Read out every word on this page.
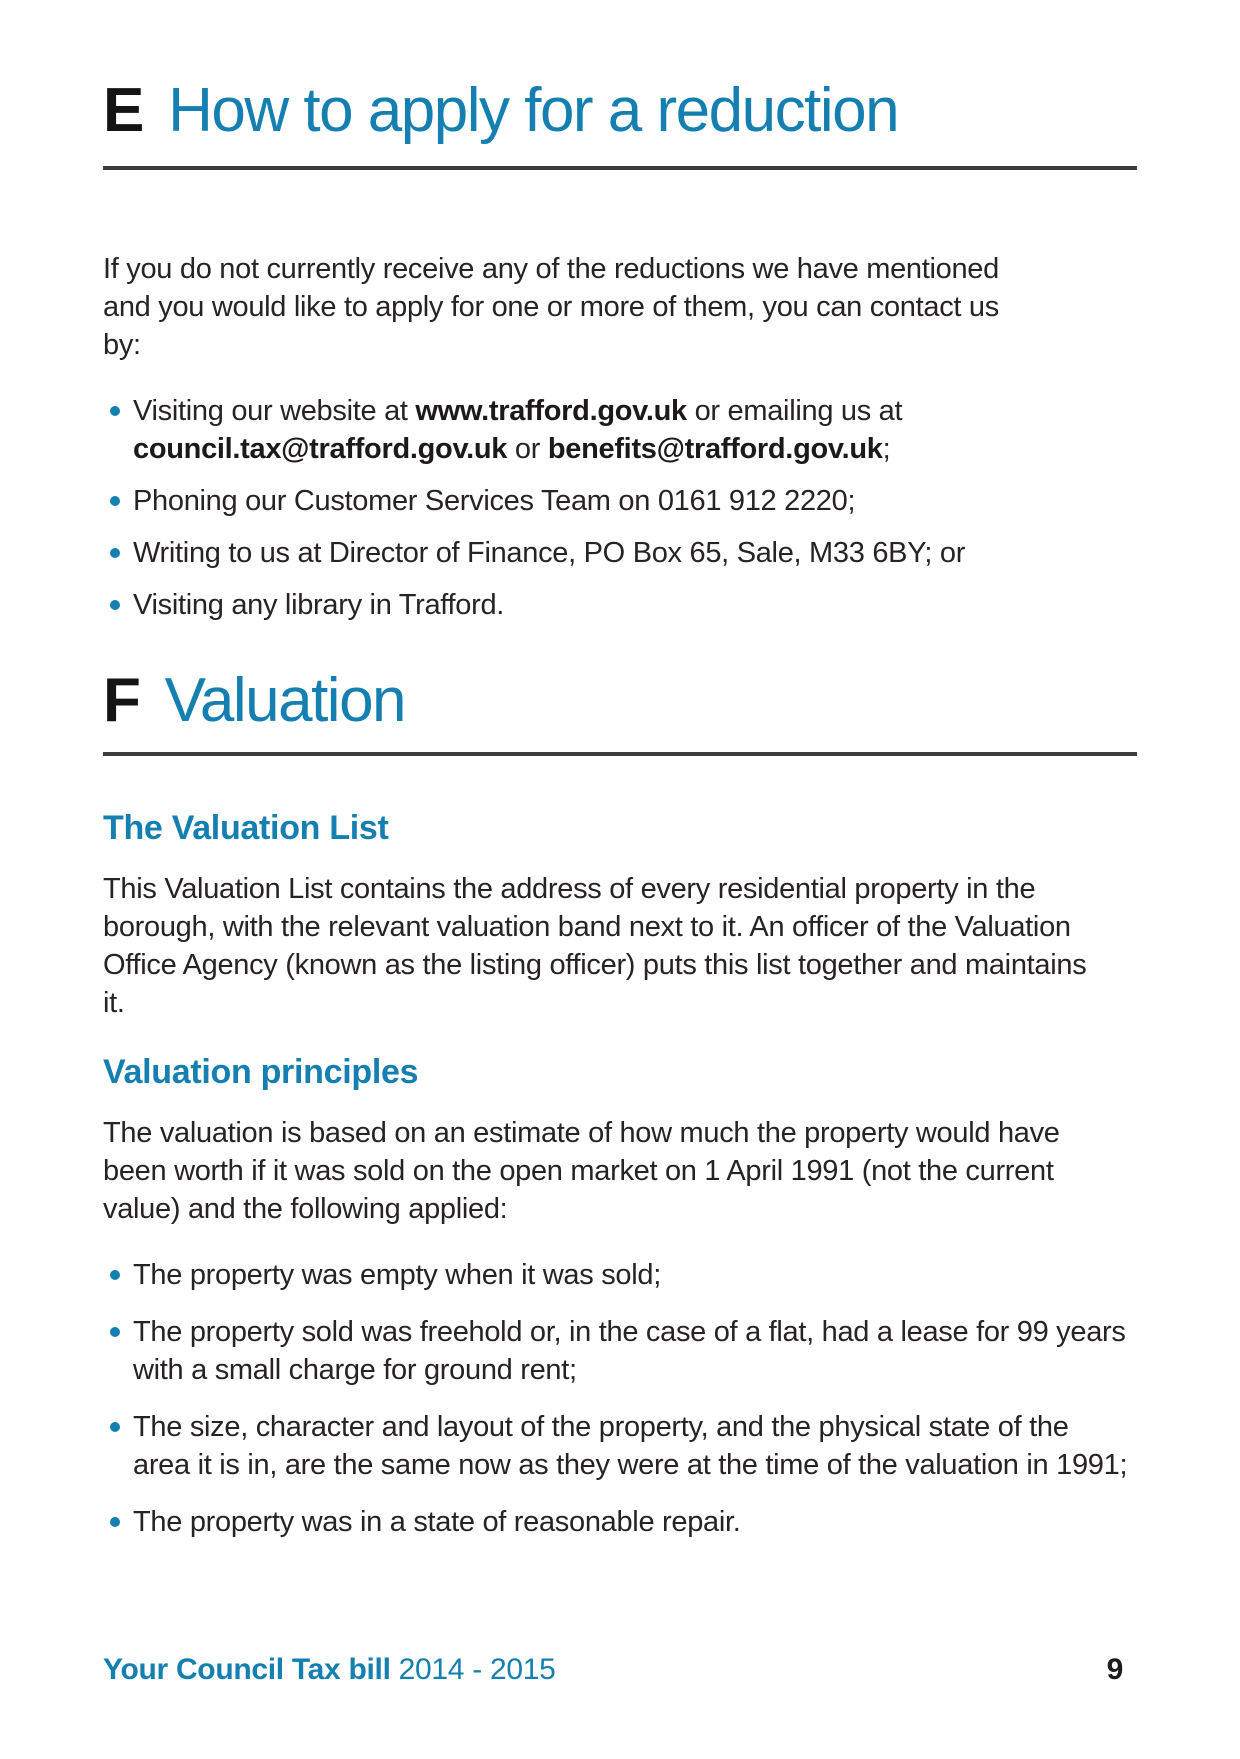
E How to apply for a reduction

If you do not currently receive any of the reductions we have mentioned and you would like to apply for one or more of them, you can contact us by:

Visiting our website at www.trafford.gov.uk or emailing us at council.tax@trafford.gov.uk or benefits@trafford.gov.uk;
Phoning our Customer Services Team on 0161 912 2220;
Writing to us at Director of Finance, PO Box 65, Sale, M33 6BY; or
Visiting any library in Trafford.
F Valuation
The Valuation List

This Valuation List contains the address of every residential property in the borough, with the relevant valuation band next to it. An officer of the Valuation Office Agency (known as the listing officer) puts this list together and maintains it.

Valuation principles

The valuation is based on an estimate of how much the property would have been worth if it was sold on the open market on 1 April 1991 (not the current value) and the following applied:

The property was empty when it was sold;
The property sold was freehold or, in the case of a flat, had a lease for 99 years with a small charge for ground rent;
The size, character and layout of the property, and the physical state of the area it is in, are the same now as they were at the time of the valuation in 1991;
The property was in a state of reasonable repair.
Your Council Tax bill 2014 - 2015	9
